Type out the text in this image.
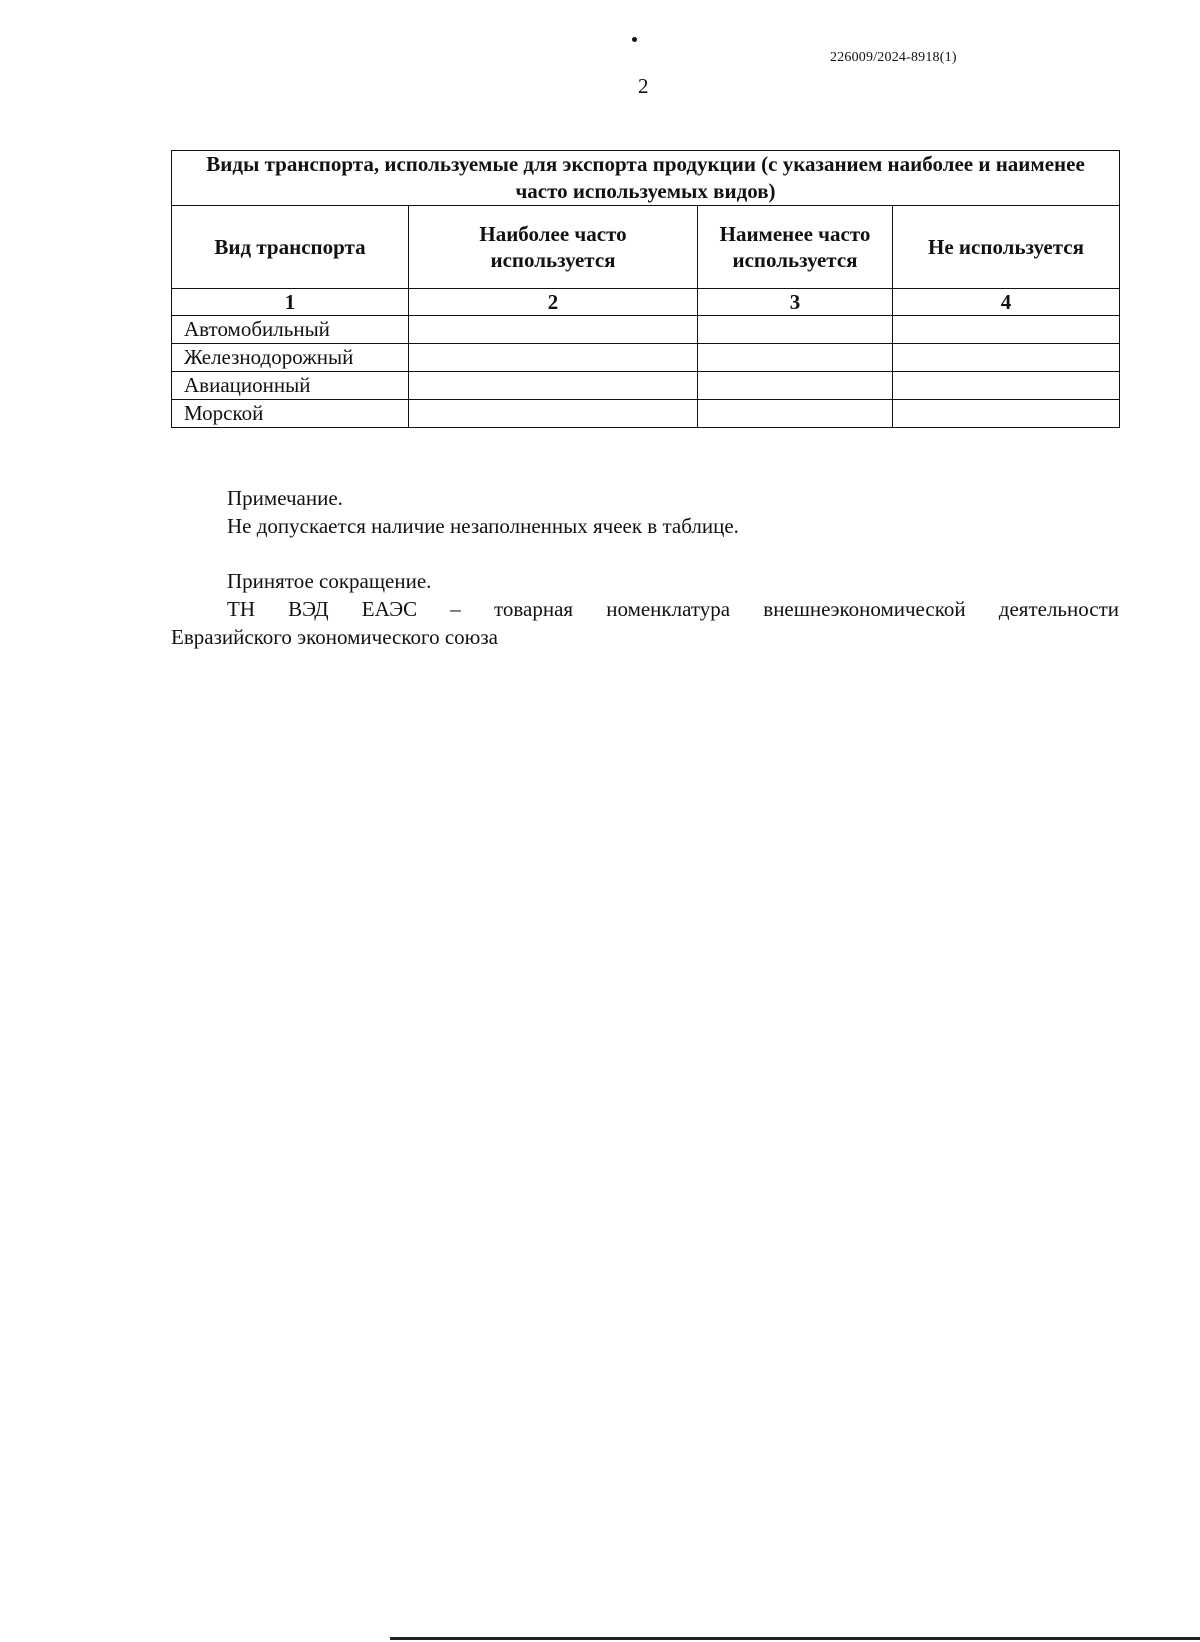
226009/2024-8918(1)
2
Виды транспорта, используемые для экспорта продукции (с указанием наиболее и наименее часто используемых видов)			
Вид транспорта	Наиболее часто используется	Наименее часто используется	Не используется
1	2	3	4
Автомобильный			
Железнодорожный			
Авиационный			
Морской			

Примечание.

Не допускается наличие незаполненных ячеек в таблице.

Принятое сокращение.

ТН ВЭД ЕАЭС – товарная номенклатура внешнеэкономической деятельности

Евразийского экономического союза
